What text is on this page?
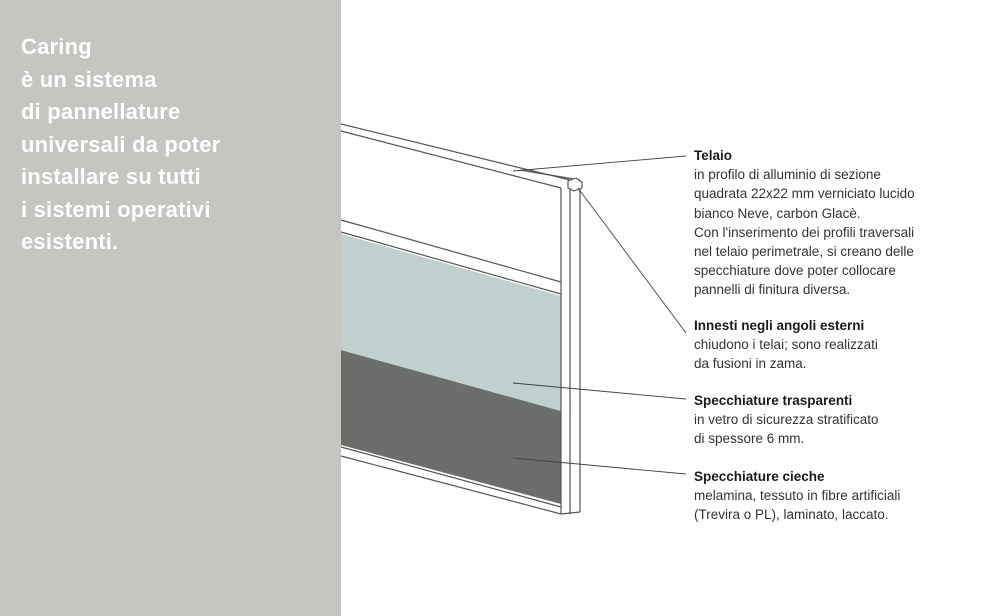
Caring
è un sistema
di pannellature
universali da poter
installare su tutti
i sistemi operativi
esistenti.
Telaio
in profilo di alluminio di sezione
quadrata 22x22 mm verniciato lucido
bianco Neve, carbon Glacè.
Con l'inserimento dei profili traversali
nel telaio perimetrale, si creano delle
specchiature dove poter collocare
pannelli di finitura diversa.
Innesti negli angoli esterni
chiudono i telai; sono realizzati
da fusioni in zama.
Specchiature trasparenti
in vetro di sicurezza stratificato
di spessore 6 mm.
Specchiature cieche
melamina, tessuto in fibre artificiali
(Trevira o PL), laminato, laccato.
